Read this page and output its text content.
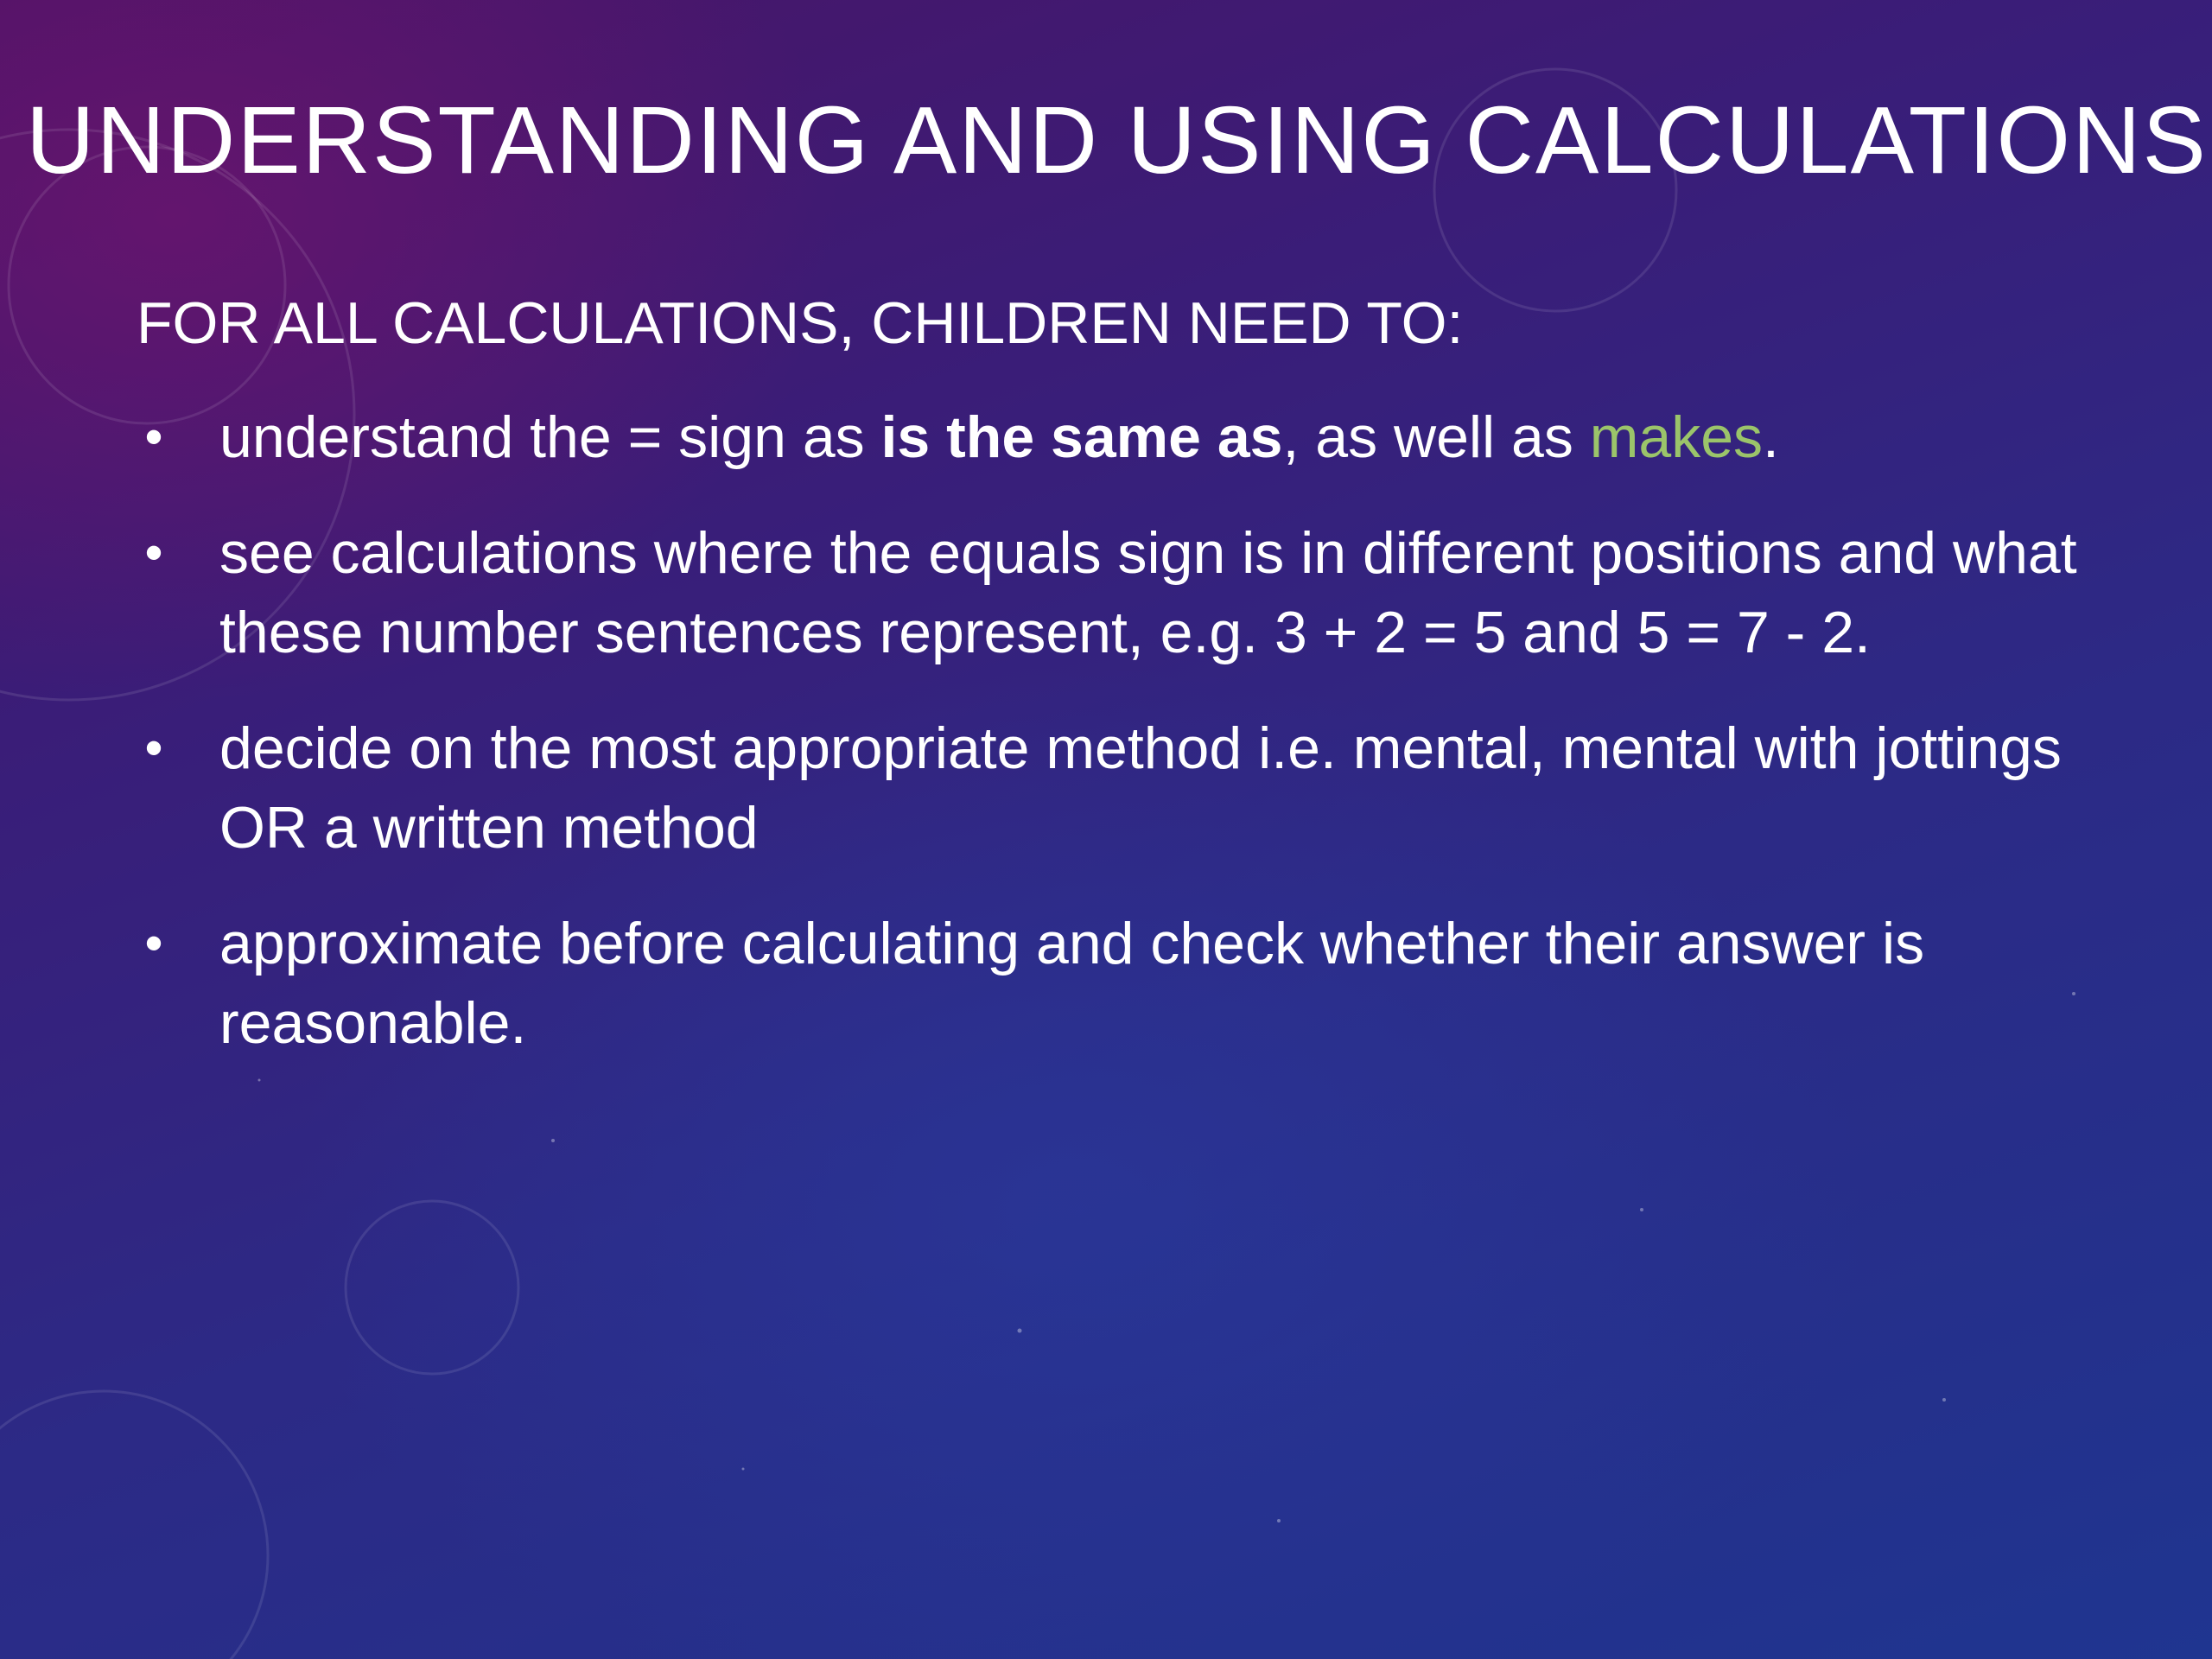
UNDERSTANDING AND USING CALCULATIONS

FOR ALL CALCULATIONS, CHILDREN NEED TO:

• understand the = sign as is the same as, as well as makes.
• see calculations where the equals sign is in different positions and what these number sentences represent, e.g. 3 + 2 = 5 and 5 = 7 - 2.
• decide on the most appropriate method i.e. mental, mental with jottings OR a written method
• approximate before calculating and check whether their answer is reasonable.
